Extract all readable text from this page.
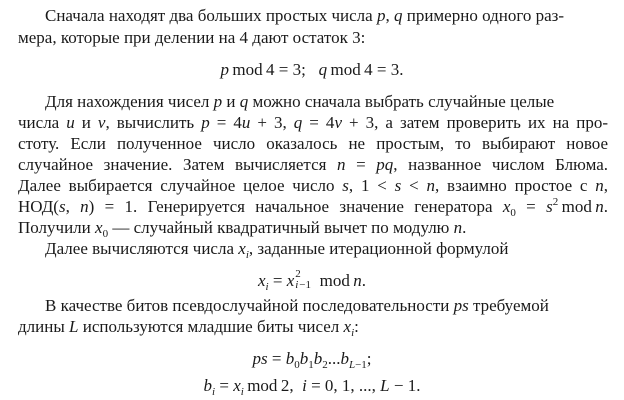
Сначала находят два больших простых числа p, q примерно одного раз-
мера, которые при делении на 4 дают остаток 3:
p mod 4 = 3;   q mod 4 = 3.
Для нахождения чисел p и q можно сначала выбрать случайные целые
числа u и v, вычислить p = 4u + 3, q = 4v + 3, а затем проверить их на про-
стоту. Если полученное число оказалось не простым, то выбирают новое
случайное значение. Затем вычисляется n = pq, названное числом Блюма.
Далее выбирается случайное целое число s, 1 < s < n, взаимно простое с n,
НОД(s, n) = 1. Генерируется начальное значение генератора $x_0 = s^2$ mod n.
Получили $x_0$ — случайный квадратичный вычет по модулю n.
Далее вычисляются числа $x_i$, заданные итерационной формулой
$x_i = x$ 2
i −1  mod n.
В качестве битов псевдослучайной последовательности ps требуемой
длины L используются младшие биты чисел $x_i$:
ps = $b_0b_1b_2...b_{L-1}$;
$b_i = x_i$ mod 2,  i = 0, 1, ..., L − 1.
